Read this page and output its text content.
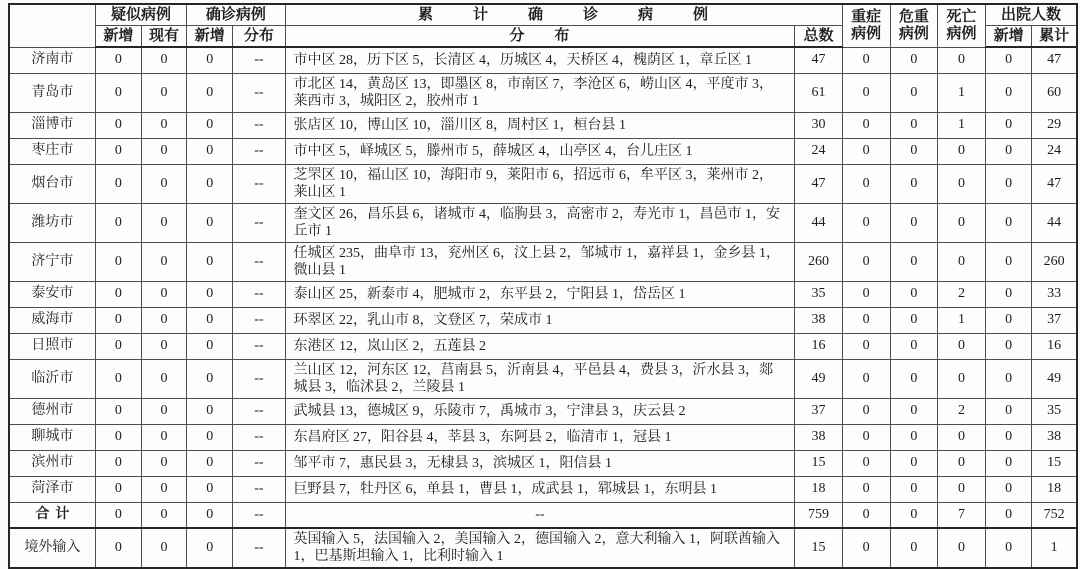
	疑似病例		确诊病例		累计确诊病例		重症病例	危重病例	死亡病例	出院人数	
	新增	现有	新增	分布	分布	总数				新增	累计
济南市	0	0	0	--	市中区 28，历下区 5，长清区 4，历城区 4，天桥区 4，槐荫区 1，章丘区 1	47	0	0	0	0	47
青岛市	0	0	0	--	市北区 14，黄岛区 13，即墨区 8，市南区 7，李沧区 6，崂山区 4，平度市 3，莱西市 3，城阳区 2，胶州市 1	61	0	0	1	0	60
淄博市	0	0	0	--	张店区 10，博山区 10，淄川区 8，周村区 1，桓台县 1	30	0	0	1	0	29
枣庄市	0	0	0	--	市中区 5，峄城区 5，滕州市 5，薛城区 4，山亭区 4，台儿庄区 1	24	0	0	0	0	24
烟台市	0	0	0	--	芝罘区 10，福山区 10，海阳市 9，莱阳市 6，招远市 6，牟平区 3，莱州市 2，莱山区 1	47	0	0	0	0	47
潍坊市	0	0	0	--	奎文区 26，昌乐县 6，诸城市 4，临朐县 3，高密市 2，寿光市 1，昌邑市 1，安丘市 1	44	0	0	0	0	44
济宁市	0	0	0	--	任城区 235，曲阜市 13，兖州区 6，汶上县 2，邹城市 1，嘉祥县 1，金乡县 1，微山县 1	260	0	0	0	0	260
泰安市	0	0	0	--	泰山区 25，新泰市 4，肥城市 2，东平县 2，宁阳县 1，岱岳区 1	35	0	0	2	0	33
威海市	0	0	0	--	环翠区 22，乳山市 8，文登区 7，荣成市 1	38	0	0	1	0	37
日照市	0	0	0	--	东港区 12，岚山区 2，五莲县 2	16	0	0	0	0	16
临沂市	0	0	0	--	兰山区 12，河东区 12，莒南县 5，沂南县 4，平邑县 4，费县 3，沂水县 3，郯城县 3，临沭县 2，兰陵县 1	49	0	0	0	0	49
德州市	0	0	0	--	武城县 13，德城区 9，乐陵市 7，禹城市 3，宁津县 3，庆云县 2	37	0	0	2	0	35
聊城市	0	0	0	--	东昌府区 27，阳谷县 4，莘县 3，东阿县 2，临清市 1，冠县 1	38	0	0	0	0	38
滨州市	0	0	0	--	邹平市 7，惠民县 3，无棣县 3，滨城区 1，阳信县 1	15	0	0	0	0	15
菏泽市	0	0	0	--	巨野县 7，牡丹区 6，单县 1，曹县 1，成武县 1，郓城县 1，东明县 1	18	0	0	0	0	18
合计	0	0	0	--	--	759	0	0	7	0	752
境外输入	0	0	0	--	英国输入 5，法国输入 2，美国输入 2，德国输入 2，意大利输入 1，阿联酋输入 1，巴基斯坦输入 1，比利时输入 1	15	0	0	0	0	1
